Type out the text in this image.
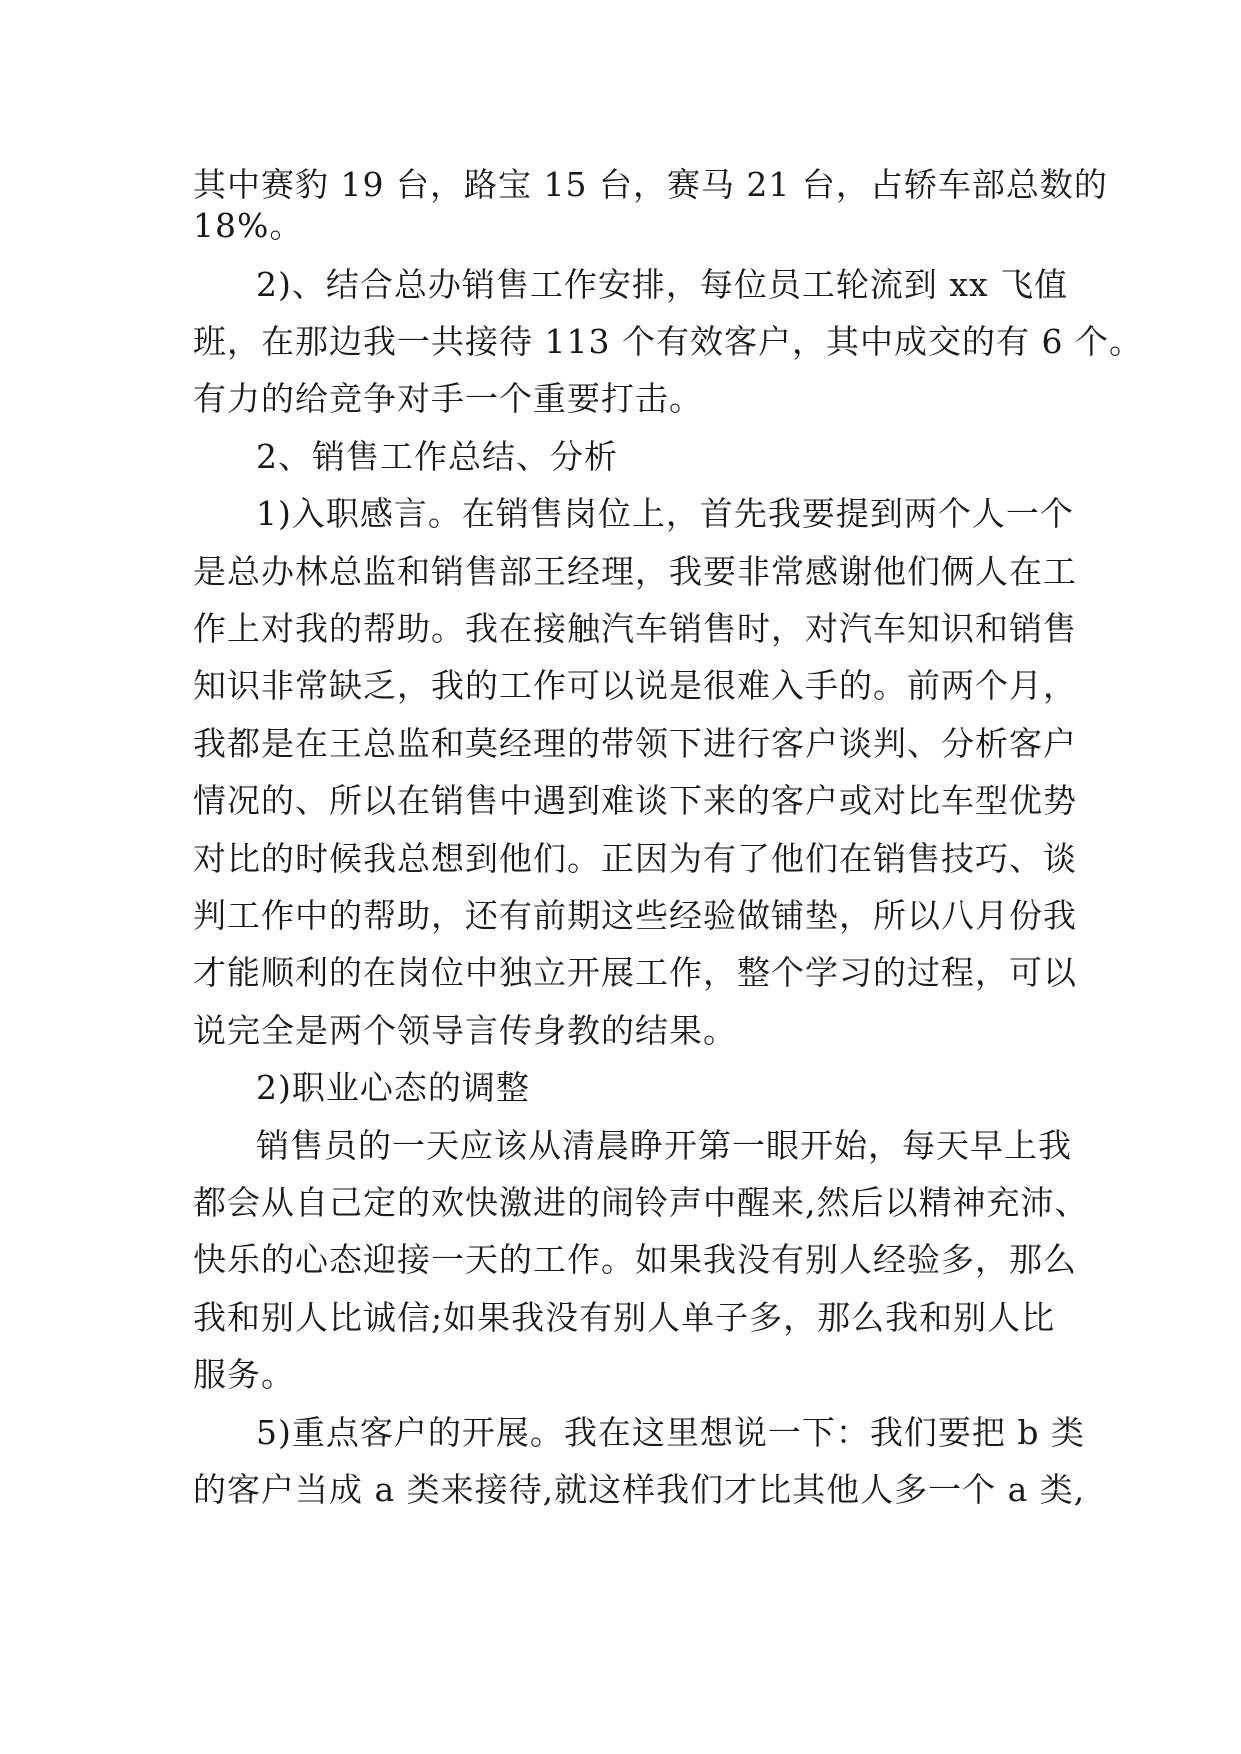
其中赛豹 19 台，路宝 15 台，赛马 21 台，占轿车部总数的
18%。
2)、结合总办销售工作安排，每位员工轮流到 xx 飞值
班，在那边我一共接待 113 个有效客户，其中成交的有 6 个。
有力的给竞争对手一个重要打击。
2、销售工作总结、分析
1)入职感言。在销售岗位上，首先我要提到两个人一个
是总办林总监和销售部王经理，我要非常感谢他们俩人在工
作上对我的帮助。我在接触汽车销售时，对汽车知识和销售
知识非常缺乏，我的工作可以说是很难入手的。前两个月，
我都是在王总监和莫经理的带领下进行客户谈判、分析客户
情况的、所以在销售中遇到难谈下来的客户或对比车型优势
对比的时候我总想到他们。正因为有了他们在销售技巧、谈
判工作中的帮助，还有前期这些经验做铺垫，所以八月份我
才能顺利的在岗位中独立开展工作，整个学习的过程，可以
说完全是两个领导言传身教的结果。
2)职业心态的调整
销售员的一天应该从清晨睁开第一眼开始，每天早上我
都会从自己定的欢快激进的闹铃声中醒来,然后以精神充沛、
快乐的心态迎接一天的工作。如果我没有别人经验多，那么
我和别人比诚信;如果我没有别人单子多，那么我和别人比
服务。
5)重点客户的开展。我在这里想说一下：我们要把 b 类
的客户当成 a 类来接待,就这样我们才比其他人多一个 a 类,
